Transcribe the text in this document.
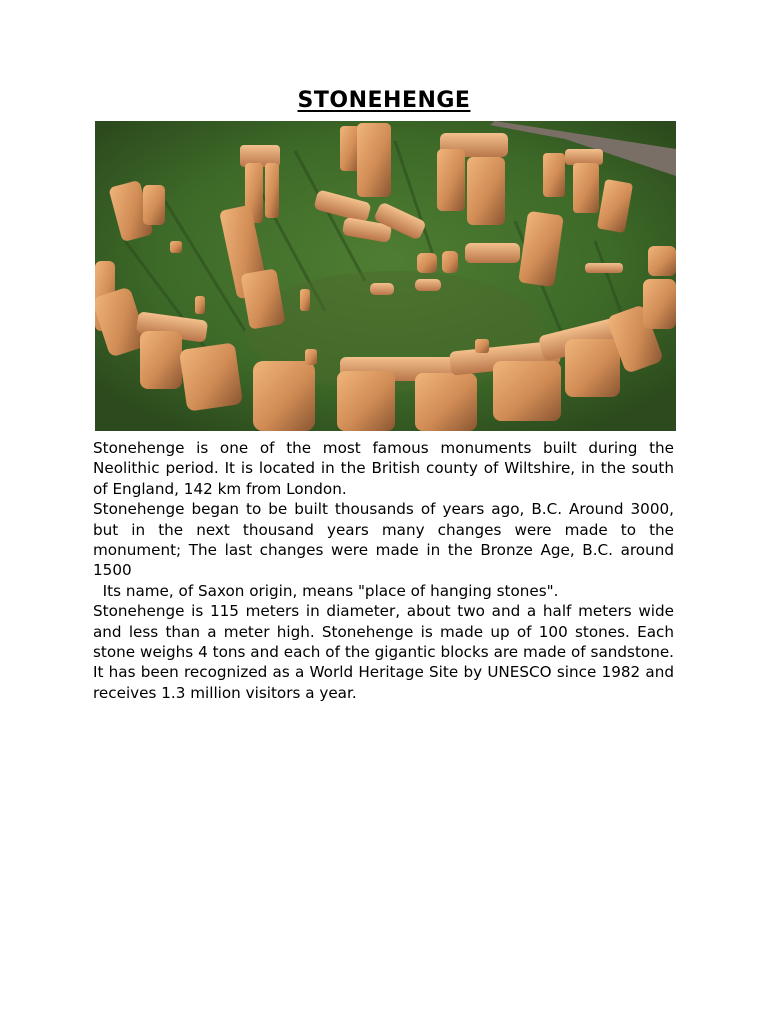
STONEHENGE

Stonehenge is one of the most famous monuments built during the Neolithic period. It is located in the British county of Wiltshire, in the south of England, 142 km from London.

Stonehenge began to be built thousands of years ago, B.C. Around 3000, but in the next thousand years many changes were made to the monument; The last changes were made in the Bronze Age, B.C. around 1500

Its name, of Saxon origin, means "place of hanging stones".

Stonehenge is 115 meters in diameter, about two and a half meters wide and less than a meter high. Stonehenge is made up of 100 stones. Each stone weighs 4 tons and each of the gigantic blocks are made of sandstone. It has been recognized as a World Heritage Site by UNESCO since 1982 and receives 1.3 million visitors a year.
